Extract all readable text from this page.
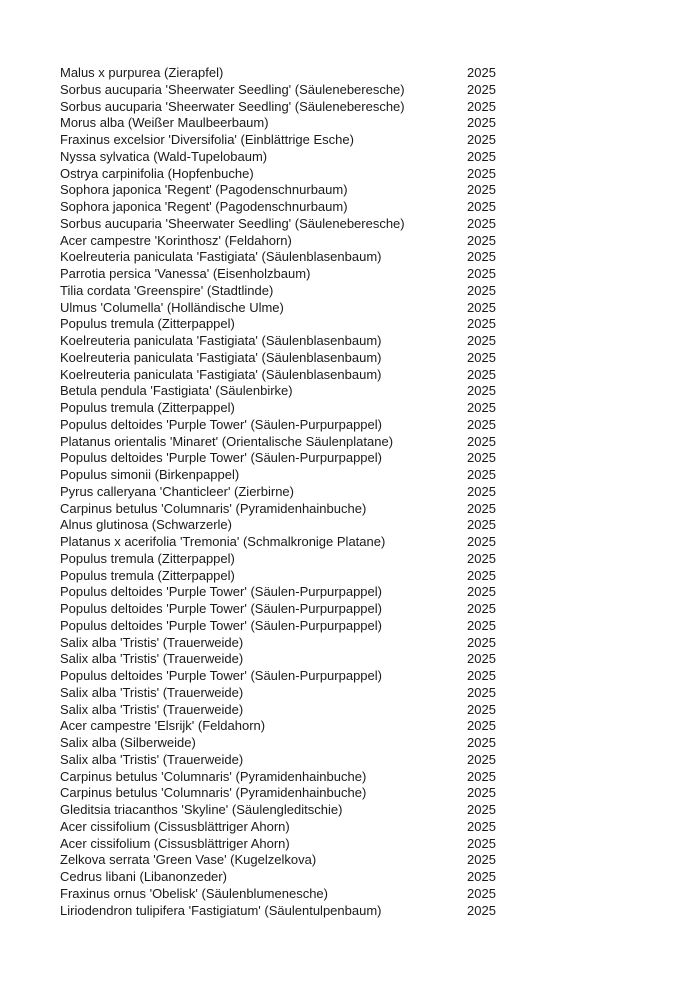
Malus x purpurea (Zierapfel)	2025
Sorbus aucuparia 'Sheerwater Seedling' (Säuleneberesche)	2025
Sorbus aucuparia 'Sheerwater Seedling' (Säuleneberesche)	2025
Morus alba (Weißer Maulbeerbaum)	2025
Fraxinus excelsior 'Diversifolia' (Einblättrige Esche)	2025
Nyssa sylvatica (Wald-Tupelobaum)	2025
Ostrya carpinifolia (Hopfenbuche)	2025
Sophora japonica 'Regent' (Pagodenschnurbaum)	2025
Sophora japonica 'Regent' (Pagodenschnurbaum)	2025
Sorbus aucuparia 'Sheerwater Seedling' (Säuleneberesche)	2025
Acer campestre 'Korinthosz' (Feldahorn)	2025
Koelreuteria paniculata 'Fastigiata' (Säulenblasenbaum)	2025
Parrotia persica 'Vanessa' (Eisenholzbaum)	2025
Tilia cordata 'Greenspire' (Stadtlinde)	2025
Ulmus 'Columella' (Holländische Ulme)	2025
Populus tremula (Zitterpappel)	2025
Koelreuteria paniculata 'Fastigiata' (Säulenblasenbaum)	2025
Koelreuteria paniculata 'Fastigiata' (Säulenblasenbaum)	2025
Koelreuteria paniculata 'Fastigiata' (Säulenblasenbaum)	2025
Betula pendula 'Fastigiata' (Säulenbirke)	2025
Populus tremula (Zitterpappel)	2025
Populus deltoides 'Purple Tower' (Säulen-Purpurpappel)	2025
Platanus orientalis 'Minaret' (Orientalische Säulenplatane)	2025
Populus deltoides 'Purple Tower' (Säulen-Purpurpappel)	2025
Populus simonii (Birkenpappel)	2025
Pyrus calleryana 'Chanticleer' (Zierbirne)	2025
Carpinus betulus 'Columnaris' (Pyramidenhainbuche)	2025
Alnus glutinosa (Schwarzerle)	2025
Platanus x acerifolia 'Tremonia' (Schmalkronige Platane)	2025
Populus tremula (Zitterpappel)	2025
Populus tremula (Zitterpappel)	2025
Populus deltoides 'Purple Tower' (Säulen-Purpurpappel)	2025
Populus deltoides 'Purple Tower' (Säulen-Purpurpappel)	2025
Populus deltoides 'Purple Tower' (Säulen-Purpurpappel)	2025
Salix alba 'Tristis' (Trauerweide)	2025
Salix alba 'Tristis' (Trauerweide)	2025
Populus deltoides 'Purple Tower' (Säulen-Purpurpappel)	2025
Salix alba 'Tristis' (Trauerweide)	2025
Salix alba 'Tristis' (Trauerweide)	2025
Acer campestre 'Elsrijk' (Feldahorn)	2025
Salix alba (Silberweide)	2025
Salix alba 'Tristis' (Trauerweide)	2025
Carpinus betulus 'Columnaris' (Pyramidenhainbuche)	2025
Carpinus betulus 'Columnaris' (Pyramidenhainbuche)	2025
Gleditsia triacanthos 'Skyline' (Säulengleditschie)	2025
Acer cissifolium (Cissusblättriger Ahorn)	2025
Acer cissifolium (Cissusblättriger Ahorn)	2025
Zelkova serrata 'Green Vase' (Kugelzelkova)	2025
Cedrus libani (Libanonzeder)	2025
Fraxinus ornus 'Obelisk' (Säulenblumenesche)	2025
Liriodendron tulipifera 'Fastigiatum' (Säulentulpenbaum)	2025
